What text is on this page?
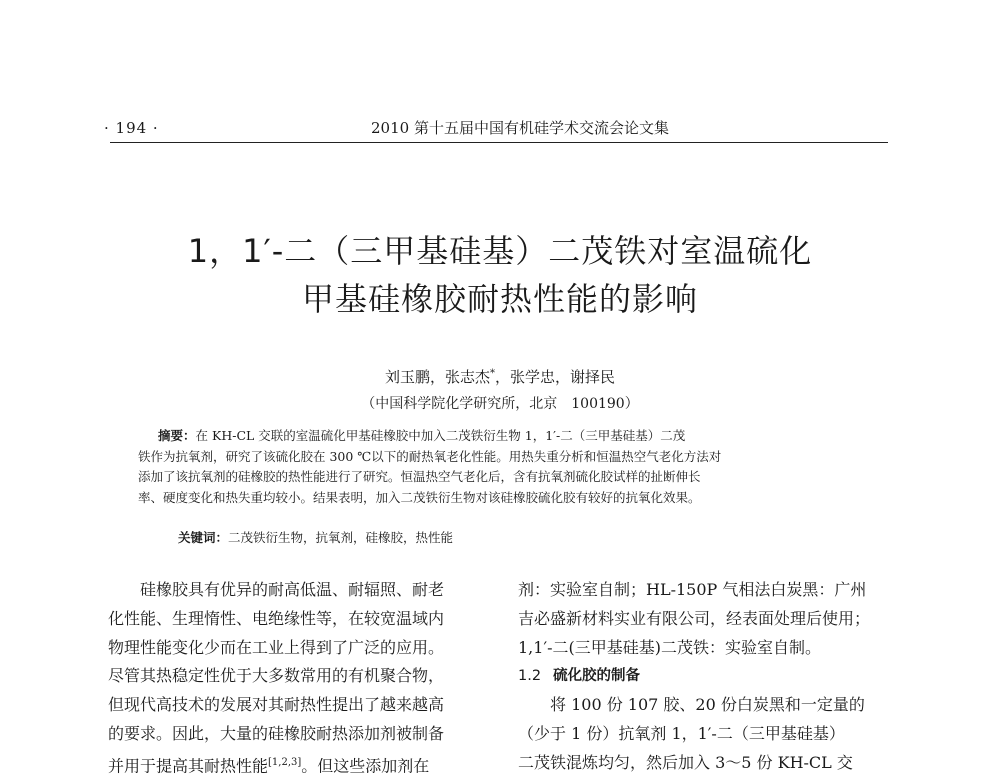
· 194 ·	2010 第十五届中国有机硅学术交流会论文集
1，1′-二（三甲基硅基）二茂铁对室温硫化
甲基硅橡胶耐热性能的影响
刘玉鹏，张志杰*，张学忠，谢择民
（中国科学院化学研究所，北京　100190）

摘要：在 KH-CL 交联的室温硫化甲基硅橡胶中加入二茂铁衍生物 1，1′-二（三甲基硅基）二茂

铁作为抗氧剂，研究了该硫化胶在 300 ℃以下的耐热氧老化性能。用热失重分析和恒温热空气老化方法对

添加了该抗氧剂的硅橡胶的热性能进行了研究。恒温热空气老化后，含有抗氧剂硫化胶试样的扯断伸长

率、硬度变化和热失重均较小。结果表明，加入二茂铁衍生物对该硅橡胶硫化胶有较好的抗氧化效果。

关键词：二茂铁衍生物，抗氧剂，硅橡胶，热性能
硅橡胶具有优异的耐高低温、耐辐照、耐老
化性能、生理惰性、电绝缘性等，在较宽温域内
物理性能变化少而在工业上得到了广泛的应用。
尽管其热稳定性优于大多数常用的有机聚合物，
但现代高技术的发展对其耐热性提出了越来越高
的要求。因此，大量的硅橡胶耐热添加剂被制备
并用于提高其耐热性能[1,2,3]。但这些添加剂在
剂：实验室自制；HL-150P 气相法白炭黑：广州
吉必盛新材料实业有限公司，经表面处理后使用；
1,1′-二(三甲基硅基)二茂铁：实验室自制。
1.2 硫化胶的制备
将 100 份 107 胶、20 份白炭黑和一定量的
（少于 1 份）抗氧剂 1，1′-二（三甲基硅基）
二茂铁混炼均匀，然后加入 3～5 份 KH-CL 交
